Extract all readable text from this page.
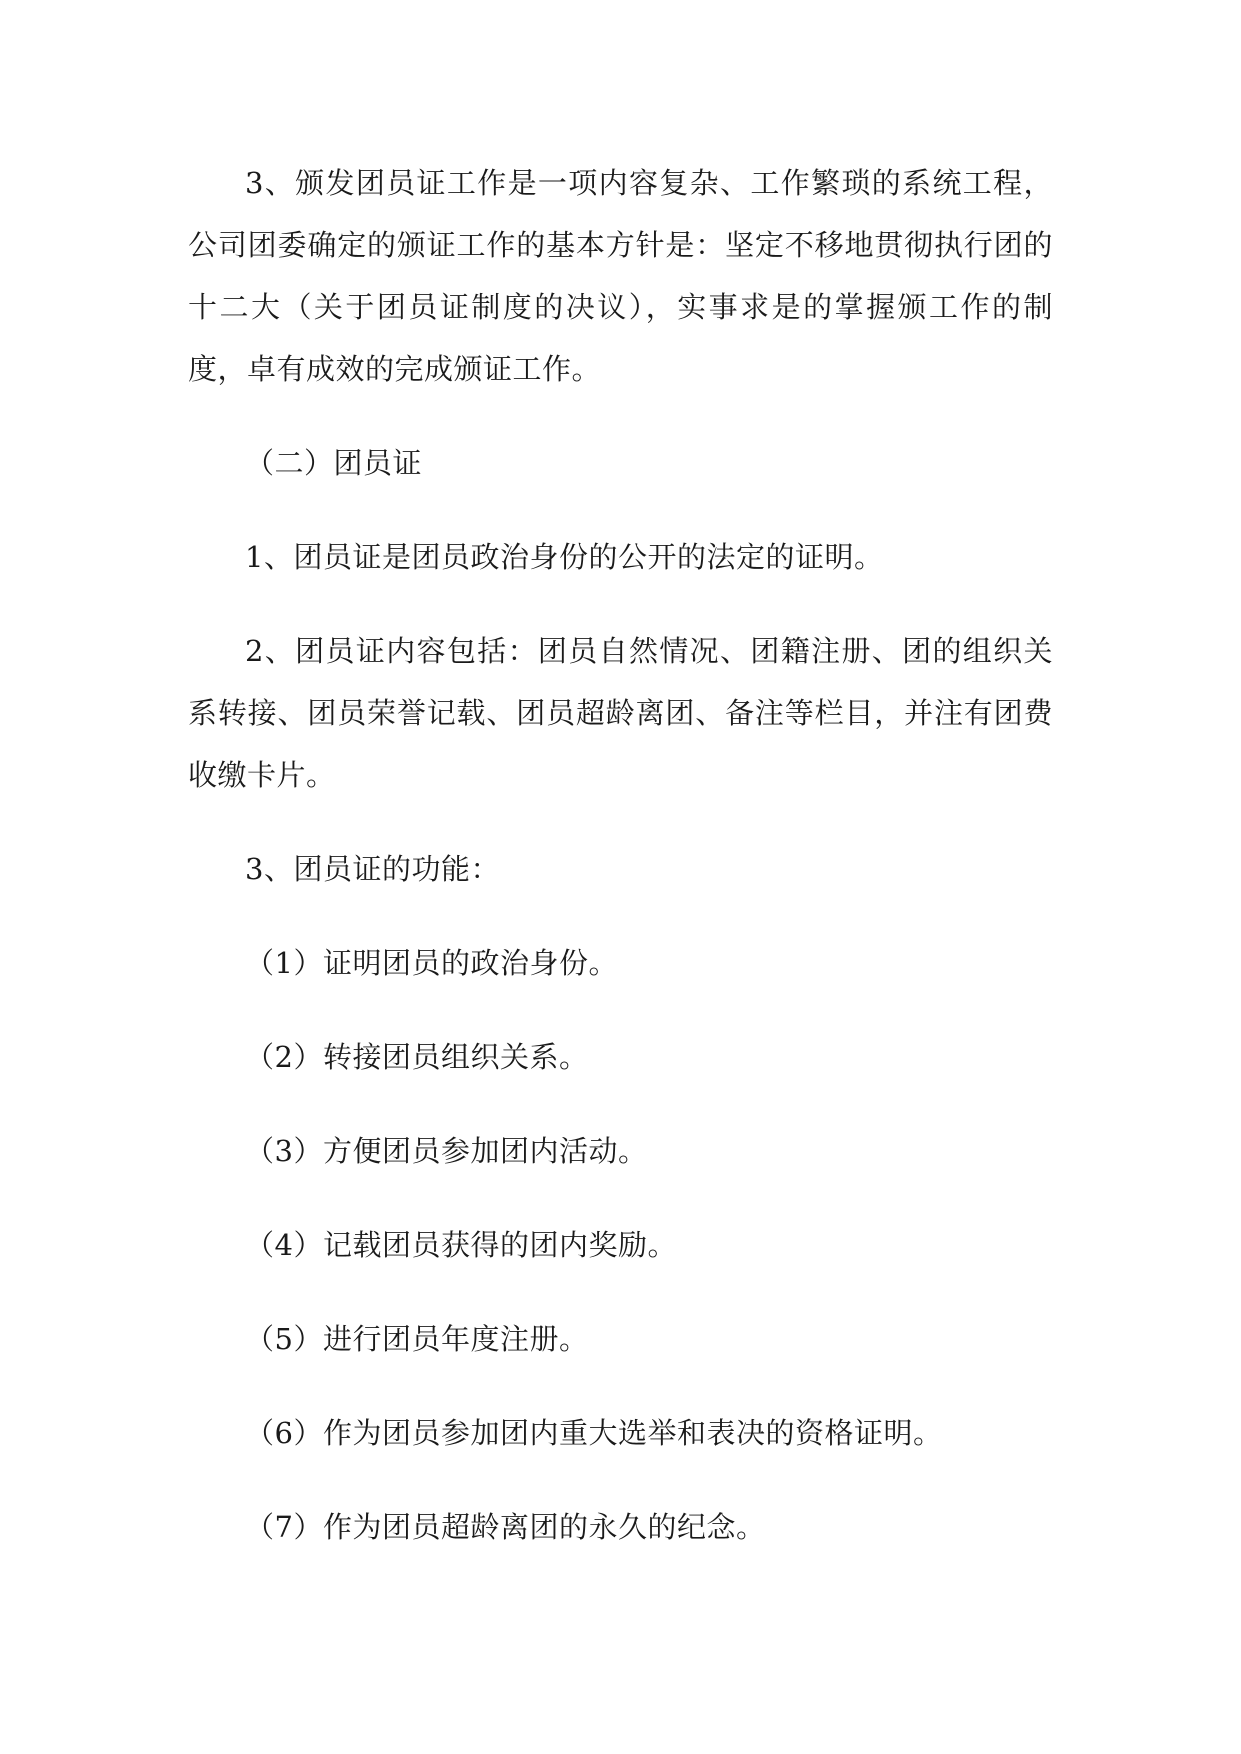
3、颁发团员证工作是一项内容复杂、工作繁琐的系统工程，公司团委确定的颁证工作的基本方针是：坚定不移地贯彻执行团的十二大（关于团员证制度的决议），实事求是的掌握颁工作的制度，卓有成效的完成颁证工作。

（二）团员证

1、团员证是团员政治身份的公开的法定的证明。

2、团员证内容包括：团员自然情况、团籍注册、团的组织关系转接、团员荣誉记载、团员超龄离团、备注等栏目，并注有团费收缴卡片。

3、团员证的功能：

（1）证明团员的政治身份。

（2）转接团员组织关系。

（3）方便团员参加团内活动。

（4）记载团员获得的团内奖励。

（5）进行团员年度注册。

（6）作为团员参加团内重大选举和表决的资格证明。

（7）作为团员超龄离团的永久的纪念。
